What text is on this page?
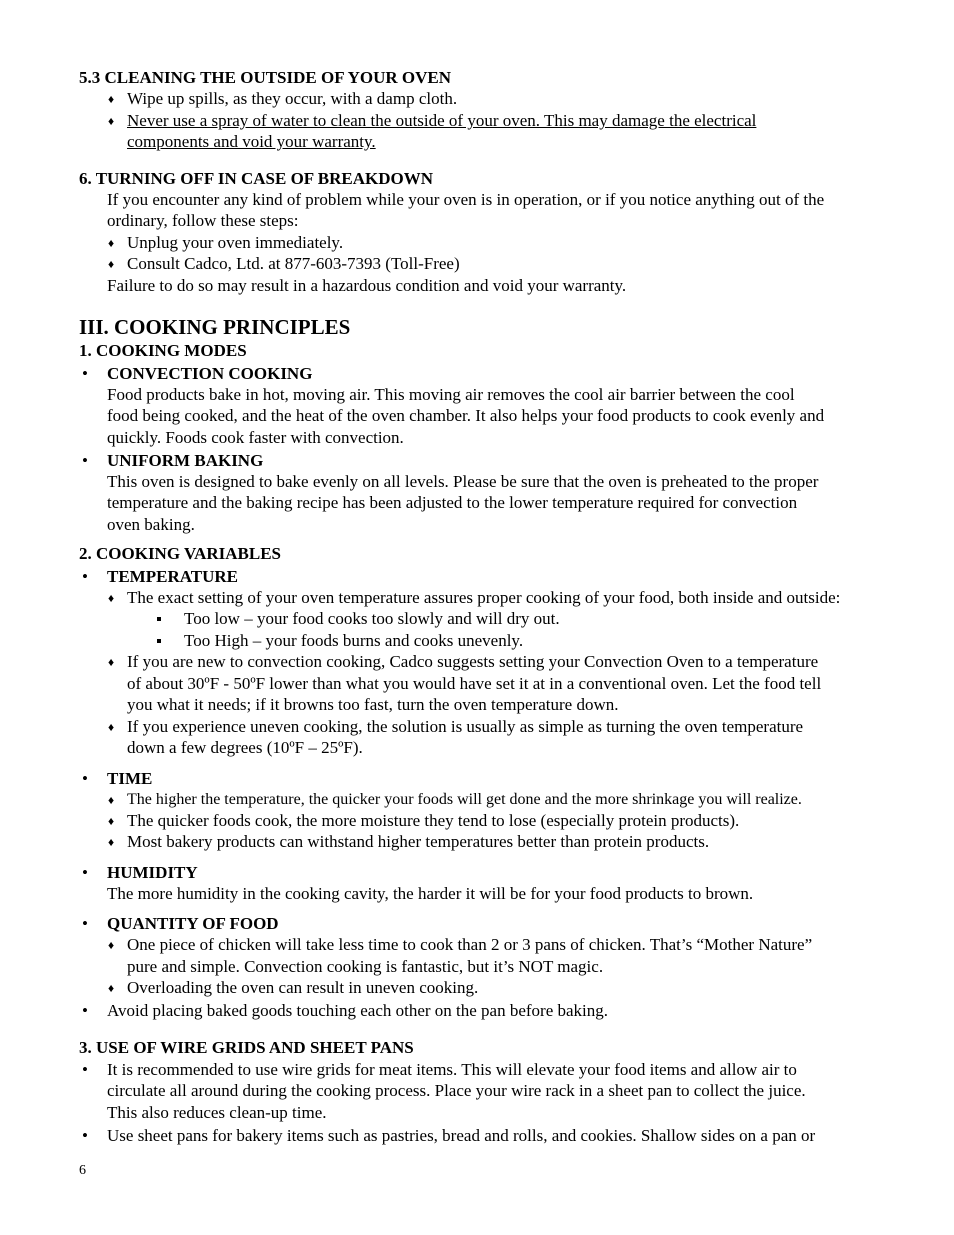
5.3 CLEANING THE OUTSIDE OF YOUR OVEN
♦ Wipe up spills, as they occur, with a damp cloth.
♦ Never use a spray of water to clean the outside of your oven. This may damage the electrical
components and void your warranty.
6. TURNING OFF IN CASE OF BREAKDOWN
If you encounter any kind of problem while your oven is in operation, or if you notice anything out of the
ordinary, follow these steps:
♦ Unplug your oven immediately.
♦ Consult Cadco, Ltd. at 877-603-7393 (Toll-Free)
Failure to do so may result in a hazardous condition and void your warranty.
III. COOKING PRINCIPLES
1. COOKING MODES
• CONVECTION COOKING
Food products bake in hot, moving air. This moving air removes the cool air barrier between the cool
food being cooked, and the heat of the oven chamber. It also helps your food products to cook evenly and
quickly. Foods cook faster with convection.
• UNIFORM BAKING
This oven is designed to bake evenly on all levels. Please be sure that the oven is preheated to the proper
temperature and the baking recipe has been adjusted to the lower temperature required for convection
oven baking.
2. COOKING VARIABLES
• TEMPERATURE
♦ The exact setting of your oven temperature assures proper cooking of your food, both inside and outside:
Too low – your food cooks too slowly and will dry out.
Too High – your foods burns and cooks unevenly.
♦ If you are new to convection cooking, Cadco suggests setting your Convection Oven to a temperature
of about 30ºF - 50ºF lower than what you would have set it at in a conventional oven. Let the food tell
you what it needs; if it browns too fast, turn the oven temperature down.
♦ If you experience uneven cooking, the solution is usually as simple as turning the oven temperature
down a few degrees (10ºF – 25ºF).
• TIME
♦ The higher the temperature, the quicker your foods will get done and the more shrinkage you will realize.
♦ The quicker foods cook, the more moisture they tend to lose (especially protein products).
♦ Most bakery products can withstand higher temperatures better than protein products.
• HUMIDITY
The more humidity in the cooking cavity, the harder it will be for your food products to brown.
• QUANTITY OF FOOD
♦ One piece of chicken will take less time to cook than 2 or 3 pans of chicken. That’s “Mother Nature”
pure and simple. Convection cooking is fantastic, but it’s NOT magic.
♦ Overloading the oven can result in uneven cooking.
• Avoid placing baked goods touching each other on the pan before baking.
3. USE OF WIRE GRIDS AND SHEET PANS
• It is recommended to use wire grids for meat items. This will elevate your food items and allow air to
circulate all around during the cooking process. Place your wire rack in a sheet pan to collect the juice.
This also reduces clean-up time.
• Use sheet pans for bakery items such as pastries, bread and rolls, and cookies. Shallow sides on a pan or
6
